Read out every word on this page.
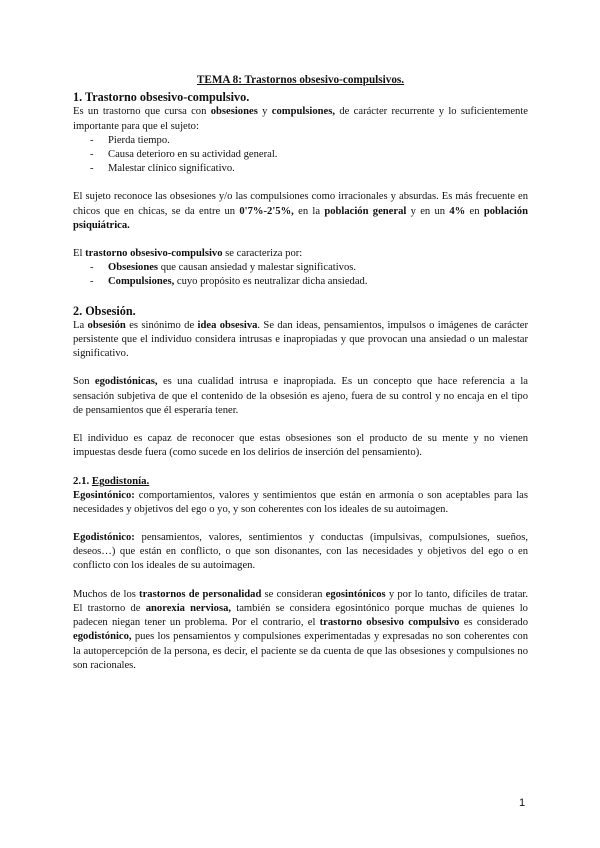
TEMA 8: Trastornos obsesivo-compulsivos.
1. Trastorno obsesivo-compulsivo.

Es un trastorno que cursa con obsesiones y compulsiones, de carácter recurrente y lo suficientemente importante para que el sujeto:

- Pierda tiempo.
- Causa deterioro en su actividad general.
- Malestar clínico significativo.

El sujeto reconoce las obsesiones y/o las compulsiones como irracionales y absurdas. Es más frecuente en chicos que en chicas, se da entre un 0'7%-2'5%, en la población general y en un 4% en población psiquiátrica.

El trastorno obsesivo-compulsivo se caracteriza por:

- Obsesiones que causan ansiedad y malestar significativos.
- Compulsiones, cuyo propósito es neutralizar dicha ansiedad.
2. Obsesión.

La obsesión es sinónimo de idea obsesiva. Se dan ideas, pensamientos, impulsos o imágenes de carácter persistente que el individuo considera intrusas e inapropiadas y que provocan una ansiedad o un malestar significativo.

Son egodistónicas, es una cualidad intrusa e inapropiada. Es un concepto que hace referencia a la sensación subjetiva de que el contenido de la obsesión es ajeno, fuera de su control y no encaja en el tipo de pensamientos que él esperaría tener.

El individuo es capaz de reconocer que estas obsesiones son el producto de su mente y no vienen impuestas desde fuera (como sucede en los delirios de inserción del pensamiento).

2.1. Egodistonía.

Egosintónico: comportamientos, valores y sentimientos que están en armonía o son aceptables para las necesidades y objetivos del ego o yo, y son coherentes con los ideales de su autoimagen.

Egodistónico: pensamientos, valores, sentimientos y conductas (impulsivas, compulsiones, sueños, deseos…) que están en conflicto, o que son disonantes, con las necesidades y objetivos del ego o en conflicto con los ideales de su autoimagen.

Muchos de los trastornos de personalidad se consideran egosintónicos y por lo tanto, difíciles de tratar. El trastorno de anorexia nerviosa, también se considera egosintónico porque muchas de quienes lo padecen niegan tener un problema. Por el contrario, el trastorno obsesivo compulsivo es considerado egodistónico, pues los pensamientos y compulsiones experimentadas y expresadas no son coherentes con la autopercepción de la persona, es decir, el paciente se da cuenta de que las obsesiones y compulsiones no son racionales.

1
